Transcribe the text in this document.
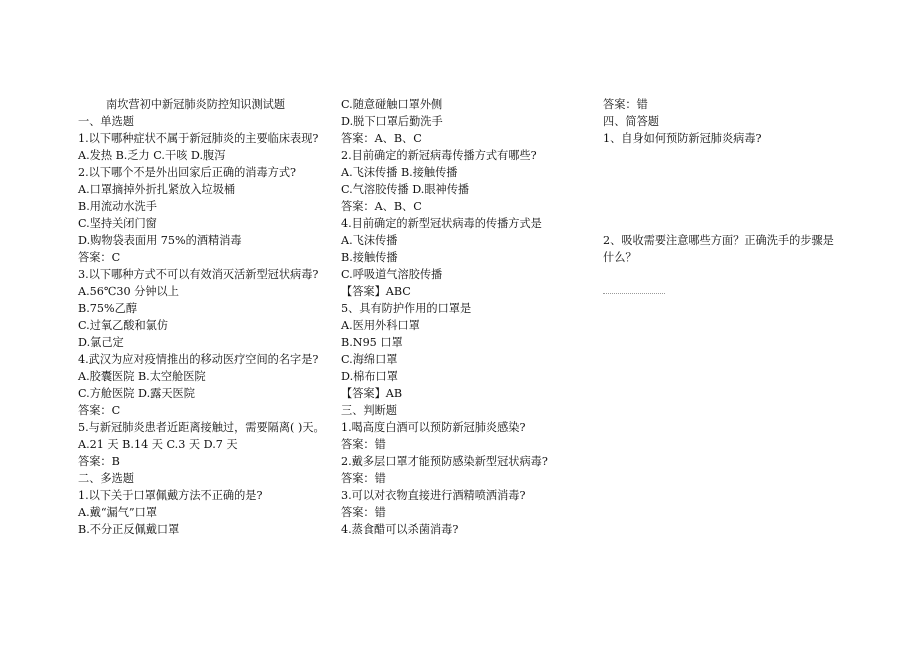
南坎营初中新冠肺炎防控知识测试题
一、单选题
1.以下哪种症状不属于新冠肺炎的主要临床表现?
A.发热 B.乏力 C.干咳 D.腹泻
2.以下哪个不是外出回家后正确的消毒方式?
A.口罩摘掉外折扎紧放入垃圾桶
B.用流动水洗手
C.坚持关闭门窗
D.购物袋表面用 75%的酒精消毒
答案：C
3.以下哪种方式不可以有效消灭活新型冠状病毒?
A.56℃30 分钟以上
B.75%乙醇
C.过氧乙酸和氯仿
D.氯己定
4.武汉为应对疫情推出的移动医疗空间的名字是?
A.胶囊医院 B.太空舱医院
C.方舱医院 D.露天医院
答案：C
5.与新冠肺炎患者近距离接触过，需要隔离( )天。
A.21 天 B.14 天 C.3 天 D.7 天
答案：B
二、多选题
1.以下关于口罩佩戴方法不正确的是?
A.戴“漏气”口罩
B.不分正反佩戴口罩
C.随意碰触口罩外侧
D.脱下口罩后勤洗手
答案：A、B、C
2.目前确定的新冠病毒传播方式有哪些?
A.飞沫传播 B.接触传播
C.气溶胶传播 D.眼神传播
答案：A、B、C
4.目前确定的新型冠状病毒的传播方式是
A.飞沫传播
B.接触传播
C.呼吸道气溶胶传播
【答案】ABC
5、具有防护作用的口罩是
A.医用外科口罩
B.N95 口罩
C.海绵口罩
D.棉布口罩
【答案】AB
三、判断题
1.喝高度白酒可以预防新冠肺炎感染?
答案：错
2.戴多层口罩才能预防感染新型冠状病毒?
答案：错
3.可以对衣物直接进行酒精喷洒消毒?
答案：错
4.蒸食醋可以杀菌消毒?
答案：错
四、简答题
1、自身如何预防新冠肺炎病毒?
2、吸收需要注意哪些方面？正确洗手的步骤是什么？
